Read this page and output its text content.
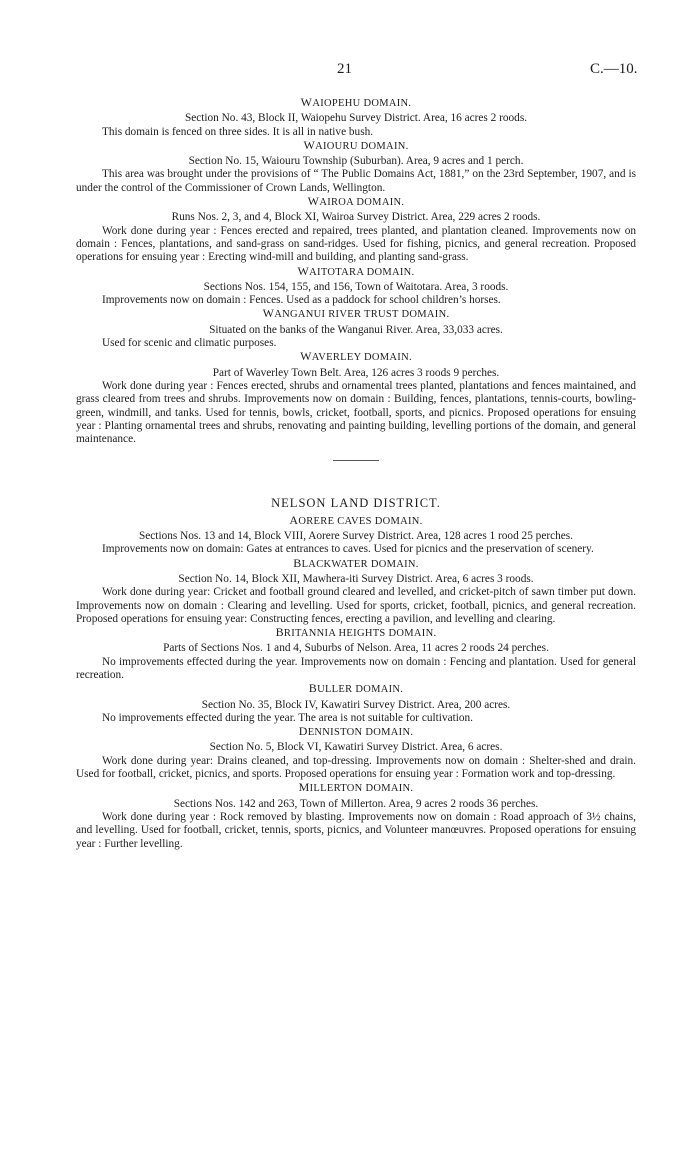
21	C.—10.
WAIOPEHU DOMAIN.
Section No. 43, Block II, Waiopehu Survey District. Area, 16 acres 2 roods.

This domain is fenced on three sides. It is all in native bush.

WAIOURU DOMAIN.
Section No. 15, Waiouru Township (Suburban). Area, 9 acres and 1 perch.

This area was brought under the provisions of “ The Public Domains Act, 1881,” on the 23rd September, 1907, and is under the control of the Commissioner of Crown Lands, Wellington.

WAIROA DOMAIN.
Runs Nos. 2, 3, and 4, Block XI, Wairoa Survey District. Area, 229 acres 2 roods.

Work done during year : Fences erected and repaired, trees planted, and plantation cleaned. Improvements now on domain : Fences, plantations, and sand-grass on sand-ridges. Used for fishing, picnics, and general recreation. Proposed operations for ensuing year : Erecting wind-mill and building, and planting sand-grass.

WAITOTARA DOMAIN.
Sections Nos. 154, 155, and 156, Town of Waitotara. Area, 3 roods.

Improvements now on domain : Fences. Used as a paddock for school children’s horses.

WANGANUI RIVER TRUST DOMAIN.
Situated on the banks of the Wanganui River. Area, 33,033 acres.

Used for scenic and climatic purposes.

WAVERLEY DOMAIN.
Part of Waverley Town Belt. Area, 126 acres 3 roods 9 perches.

Work done during year : Fences erected, shrubs and ornamental trees planted, plantations and fences maintained, and grass cleared from trees and shrubs. Improvements now on domain : Building, fences, plantations, tennis-courts, bowling-green, windmill, and tanks. Used for tennis, bowls, cricket, football, sports, and picnics. Proposed operations for ensuing year : Planting ornamental trees and shrubs, renovating and painting building, levelling portions of the domain, and general maintenance.

NELSON LAND DISTRICT.
AORERE CAVES DOMAIN.
Sections Nos. 13 and 14, Block VIII, Aorere Survey District. Area, 128 acres 1 rood 25 perches.

Improvements now on domain: Gates at entrances to caves. Used for picnics and the preservation of scenery.

BLACKWATER DOMAIN.
Section No. 14, Block XII, Mawhera-iti Survey District. Area, 6 acres 3 roods.

Work done during year: Cricket and football ground cleared and levelled, and cricket-pitch of sawn timber put down. Improvements now on domain : Clearing and levelling. Used for sports, cricket, football, picnics, and general recreation. Proposed operations for ensuing year: Constructing fences, erecting a pavilion, and levelling and clearing.

BRITANNIA HEIGHTS DOMAIN.
Parts of Sections Nos. 1 and 4, Suburbs of Nelson. Area, 11 acres 2 roods 24 perches.

No improvements effected during the year. Improvements now on domain : Fencing and plantation. Used for general recreation.

BULLER DOMAIN.
Section No. 35, Block IV, Kawatiri Survey District. Area, 200 acres.

No improvements effected during the year. The area is not suitable for cultivation.

DENNISTON DOMAIN.
Section No. 5, Block VI, Kawatiri Survey District. Area, 6 acres.

Work done during year: Drains cleaned, and top-dressing. Improvements now on domain : Shelter-shed and drain. Used for football, cricket, picnics, and sports. Proposed operations for ensuing year : Formation work and top-dressing.

MILLERTON DOMAIN.
Sections Nos. 142 and 263, Town of Millerton. Area, 9 acres 2 roods 36 perches.

Work done during year : Rock removed by blasting. Improvements now on domain : Road approach of 3½ chains, and levelling. Used for football, cricket, tennis, sports, picnics, and Volunteer manœuvres. Proposed operations for ensuing year : Further levelling.
